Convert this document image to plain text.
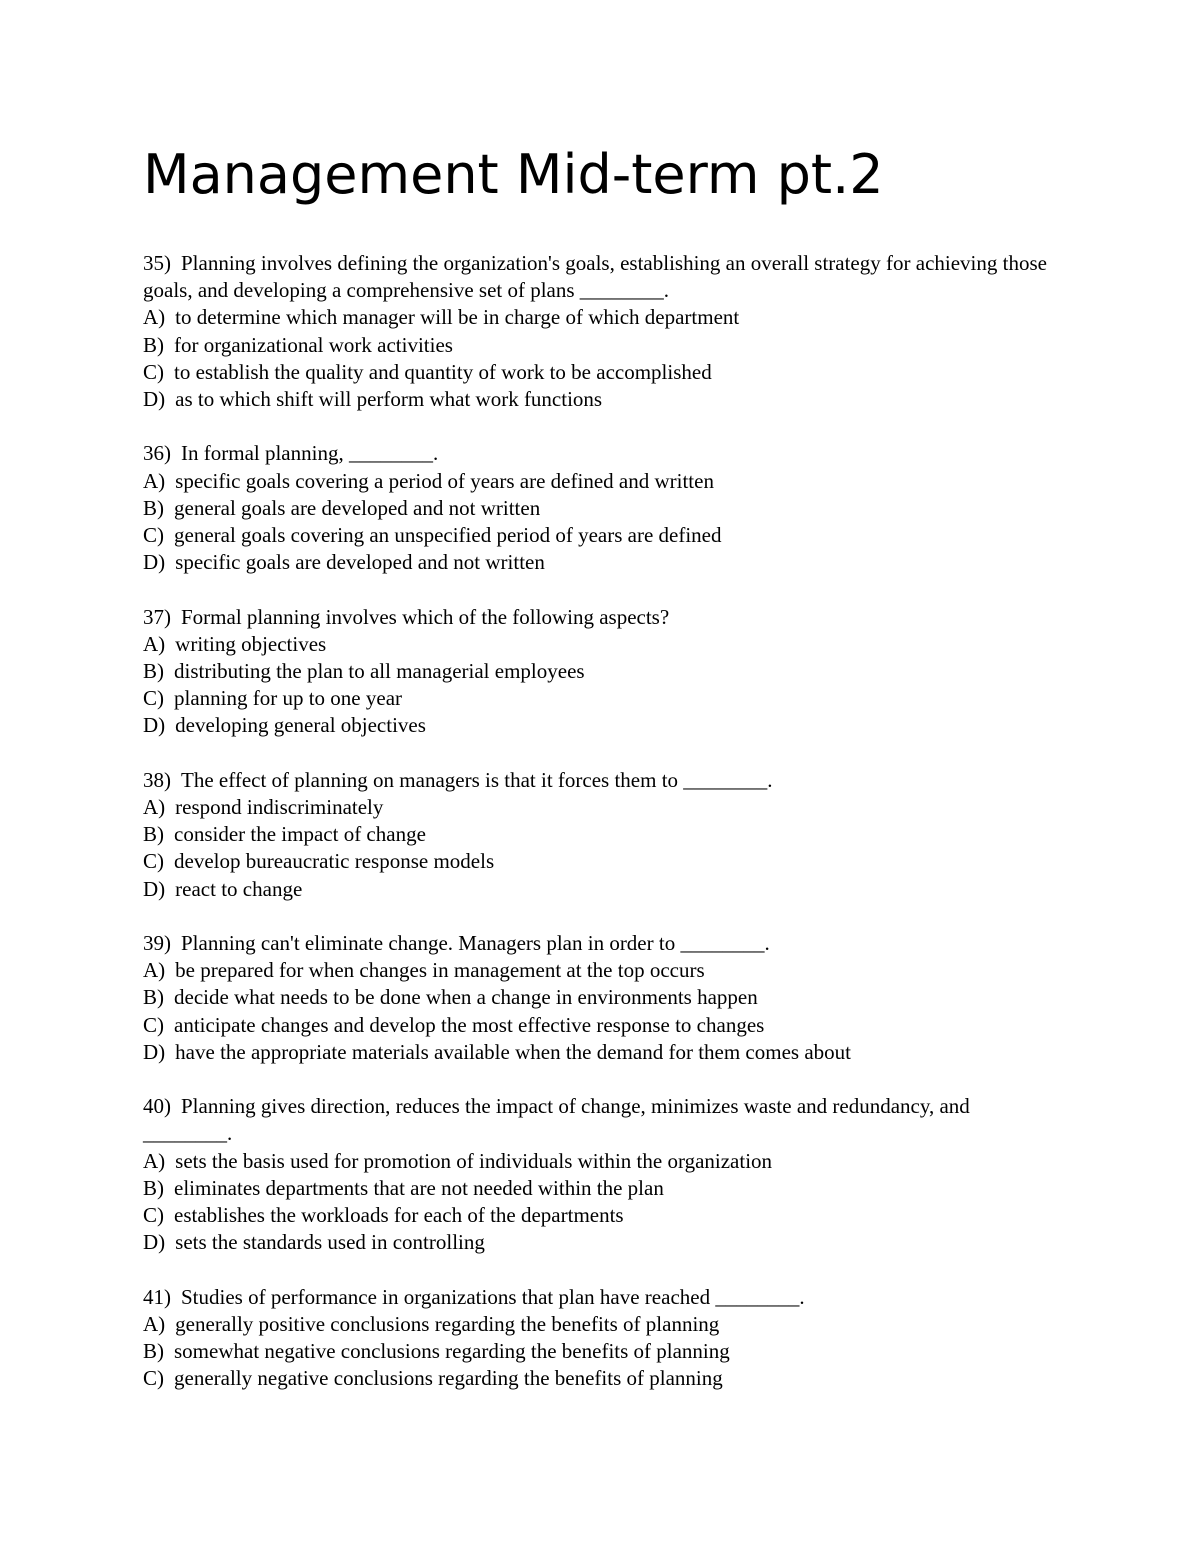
Management Mid-term pt.2

35) Planning involves defining the organization's goals, establishing an overall strategy for achieving those goals, and developing a comprehensive set of plans ________.

A) to determine which manager will be in charge of which department

B) for organizational work activities

C) to establish the quality and quantity of work to be accomplished

D) as to which shift will perform what work functions

36) In formal planning, ________.

A) specific goals covering a period of years are defined and written

B) general goals are developed and not written

C) general goals covering an unspecified period of years are defined

D) specific goals are developed and not written

37) Formal planning involves which of the following aspects?

A) writing objectives

B) distributing the plan to all managerial employees

C) planning for up to one year

D) developing general objectives

38) The effect of planning on managers is that it forces them to ________.

A) respond indiscriminately

B) consider the impact of change

C) develop bureaucratic response models

D) react to change

39) Planning can't eliminate change. Managers plan in order to ________.

A) be prepared for when changes in management at the top occurs

B) decide what needs to be done when a change in environments happen

C) anticipate changes and develop the most effective response to changes

D) have the appropriate materials available when the demand for them comes about

40) Planning gives direction, reduces the impact of change, minimizes waste and redundancy, and ________.

A) sets the basis used for promotion of individuals within the organization

B) eliminates departments that are not needed within the plan

C) establishes the workloads for each of the departments

D) sets the standards used in controlling

41) Studies of performance in organizations that plan have reached ________.

A) generally positive conclusions regarding the benefits of planning

B) somewhat negative conclusions regarding the benefits of planning

C) generally negative conclusions regarding the benefits of planning
